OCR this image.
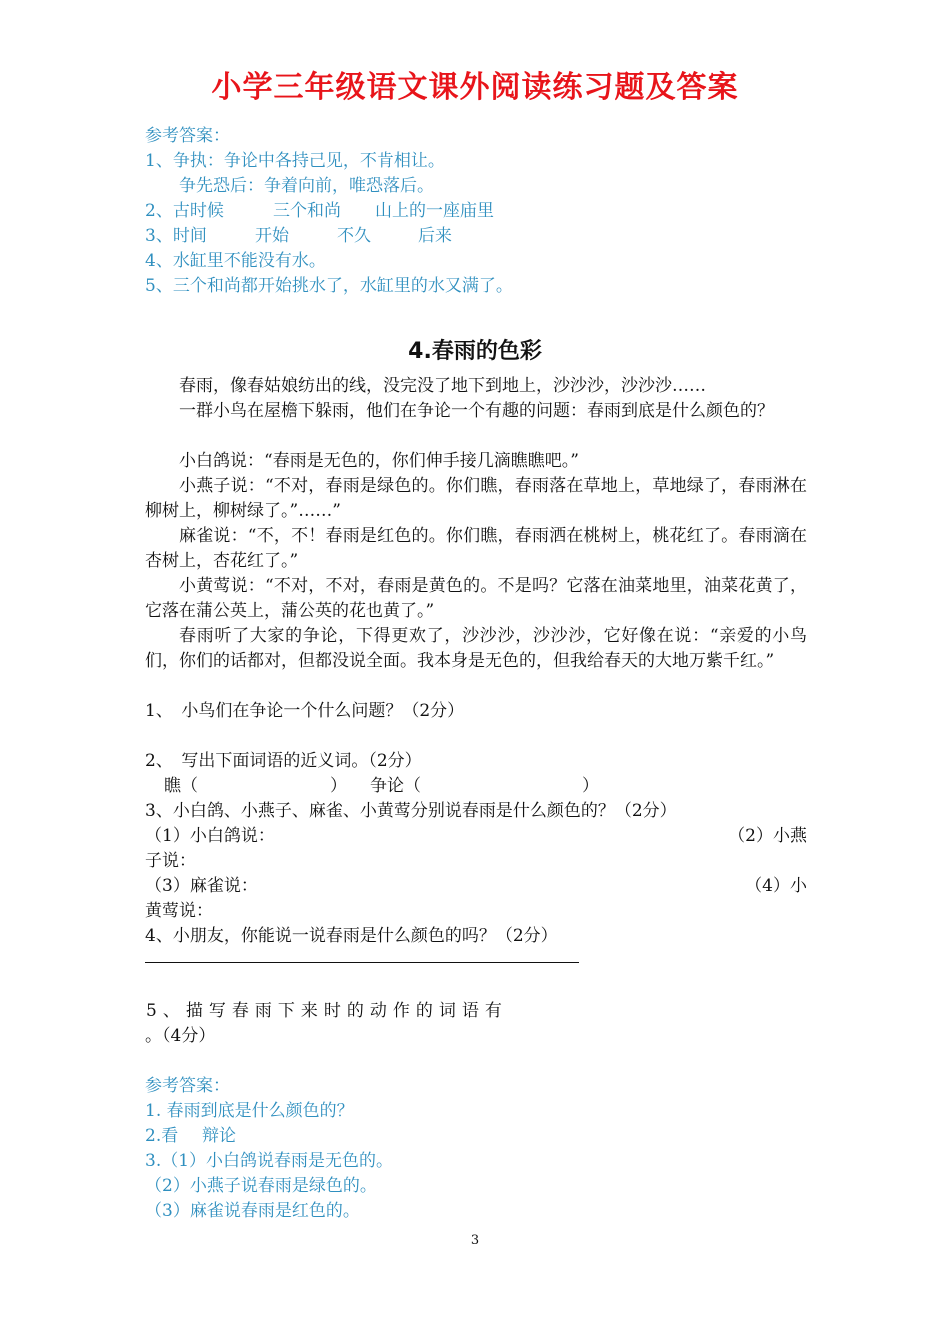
小学三年级语文课外阅读练习题及答案
参考答案：
1、争执：争论中各持己见，不肯相让。
争先恐后：争着向前，唯恐落后。
2、古时候	三个和尚 山上的一座庙里
3、时间	开始	不久	后来
4、水缸里不能没有水。
5、三个和尚都开始挑水了，水缸里的水又满了。
4.春雨的色彩

春雨，像春姑娘纺出的线，没完没了地下到地上，沙沙沙，沙沙沙……

一群小鸟在屋檐下躲雨，他们在争论一个有趣的问题：春雨到底是什么颜色的？

小白鸽说：“春雨是无色的，你们伸手接几滴瞧瞧吧。”

小燕子说：“不对，春雨是绿色的。你们瞧，春雨落在草地上，草地绿了，春雨淋在柳树上，柳树绿了。”……”

麻雀说：“不，不！春雨是红色的。你们瞧，春雨洒在桃树上，桃花红了。春雨滴在杏树上，杏花红了。”

小黄莺说：“不对，不对，春雨是黄色的。不是吗？它落在油菜地里，油菜花黄了，它落在蒲公英上，蒲公英的花也黄了。”

春雨听了大家的争论，下得更欢了，沙沙沙，沙沙沙，它好像在说：“亲爱的小鸟们，你们的话都对，但都没说全面。我本身是无色的，但我给春天的大地万紫千红。”

1、　小鸟们在争论一个什么问题？（2分）
2、　写出下面词语的近义词。（2分）
瞧（	） 争论（	）
3、小白鸽、小燕子、麻雀、小黄莺分别说春雨是什么颜色的？（2分）
（1）小白鸽说：	（2）小燕
子说：
（3）麻雀说：	（4）小
黄莺说：
4、小朋友，你能说一说春雨是什么颜色的吗？（2分）
5、描写春雨下来时的动作的词语有
。（4分）
参考答案：
1. 春雨到底是什么颜色的？
2.看 辩论
3.（1）小白鸽说春雨是无色的。
（2）小燕子说春雨是绿色的。
（3）麻雀说春雨是红色的。
3
